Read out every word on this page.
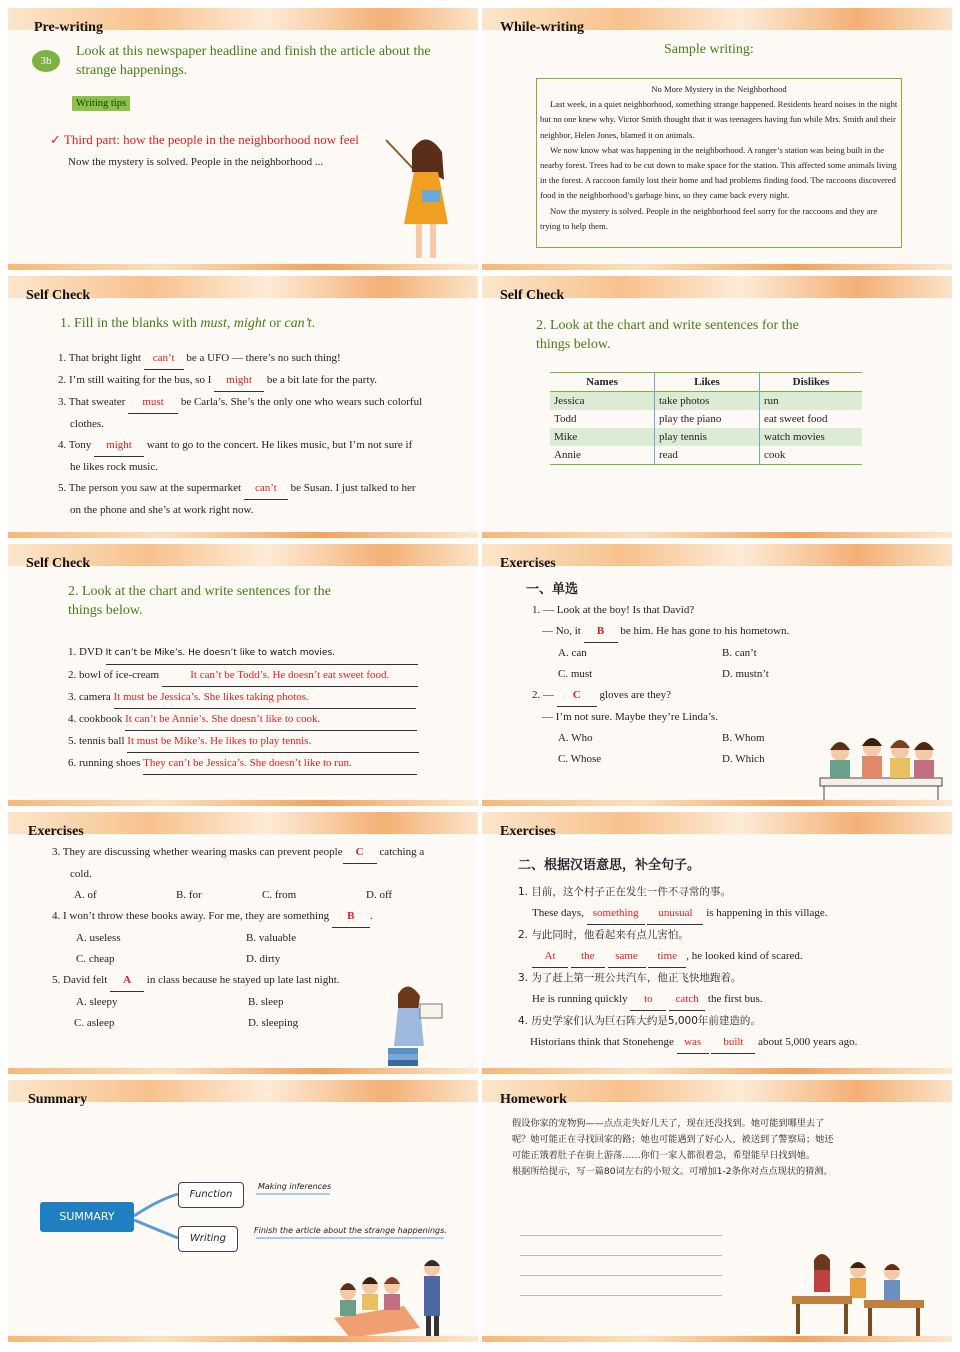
Pre-writing
3b
Look at this newspaper headline and finish the article about the strange happenings.
Writing tips
✓ Third part: how the people in the neighborhood now feel
Now the mystery is solved. People in the neighborhood ...
While-writing
Sample writing:
No More Mystery in the Neighborhood
Last week, in a quiet neighborhood, something strange happened. Residents heard noises in the night but no one knew why. Victor Smith thought that it was teenagers having fun while Mrs. Smith and their neighbor, Helen Jones, blamed it on animals.
We now know what was happening in the neighborhood. A ranger’s station was being built in the nearby forest. Trees had to be cut down to make space for the station. This affected some animals living in the forest. A raccoon family lost their home and had problems finding food. The raccoons discovered food in the neighborhood’s garbage bins, so they came back every night.
Now the mystery is solved. People in the neighborhood feel sorry for the raccoons and they are trying to help them.
Self Check
1. Fill in the blanks with must, might or can’t.
1. That bright light can’t be a UFO — there’s no such thing!
2. I’m still waiting for the bus, so I might be a bit late for the party.
3. That sweater must be Carla’s. She’s the only one who wears such colorful
clothes.
4. Tony might want to go to the concert. He likes music, but I’m not sure if
he likes rock music.
5. The person you saw at the supermarket can’t be Susan. I just talked to her
on the phone and she’s at work right now.
Self Check
2. Look at the chart and write sentences for the things below.
Names	Likes	Dislikes
Jessica	take photos	run
Todd	play the piano	eat sweet food
Mike	play tennis	watch movies
Annie	read	cook
Self Check
2. Look at the chart and write sentences for the things below.
1. DVD It can’t be Mike’s. He doesn’t like to watch movies.
2. bowl of ice-cream	It can’t be Todd’s. He doesn’t eat sweet food.
3. camera It must be Jessica’s. She likes taking photos.
4. cookbook It can’t be Annie’s. She doesn’t like to cook.
5. tennis ball It must be Mike’s. He likes to play tennis.
6. running shoes They can’t be Jessica’s. She doesn’t like to run.
Exercises
一、单选
1. — Look at the boy! Is that David?
— No, it B be him. He has gone to his hometown.
A. can	B. can’t
C. must	D. mustn’t
2. — C gloves are they?
— I’m not sure. Maybe they’re Linda’s.
A. Who	B. Whom
C. Whose	D. Which
Exercises
3. They are discussing whether wearing masks can prevent people C catching a
cold.
A. of	B. for	C. from	D. off
4. I won’t throw these books away. For me, they are something B .
A. useless	B. valuable
C. cheap	D. dirty
5. David felt A in class because he stayed up late last night.
A. sleepy	B. sleep
C. asleep	D. sleeping
Exercises
二、根据汉语意思，补全句子。
1. 目前，这个村子正在发生一件不寻常的事。
These days, something unusual is happening in this village.
2. 与此同时，他看起来有点儿害怕。
At the same time , he looked kind of scared.
3. 为了赶上第一班公共汽车，他正飞快地跑着。
He is running quickly to catch the first bus.
4. 历史学家们认为巨石阵大约是5,000年前建造的。
Historians think that Stonehenge was built about 5,000 years ago.
Summary
SUMMARY
Function
Making inferences
Writing
Finish the article about the strange happenings.
Homework
假设你家的宠物狗——点点走失好几天了，现在还没找到。她可能到哪里去了
呢？她可能正在寻找回家的路；她也可能遇到了好心人，被送到了警察局；她还
可能正饿着肚子在街上游荡……你们一家人都很着急，希望能早日找到她。
根据所给提示，写一篇80词左右的小短文。可增加1-2条你对点点现状的猜测。
